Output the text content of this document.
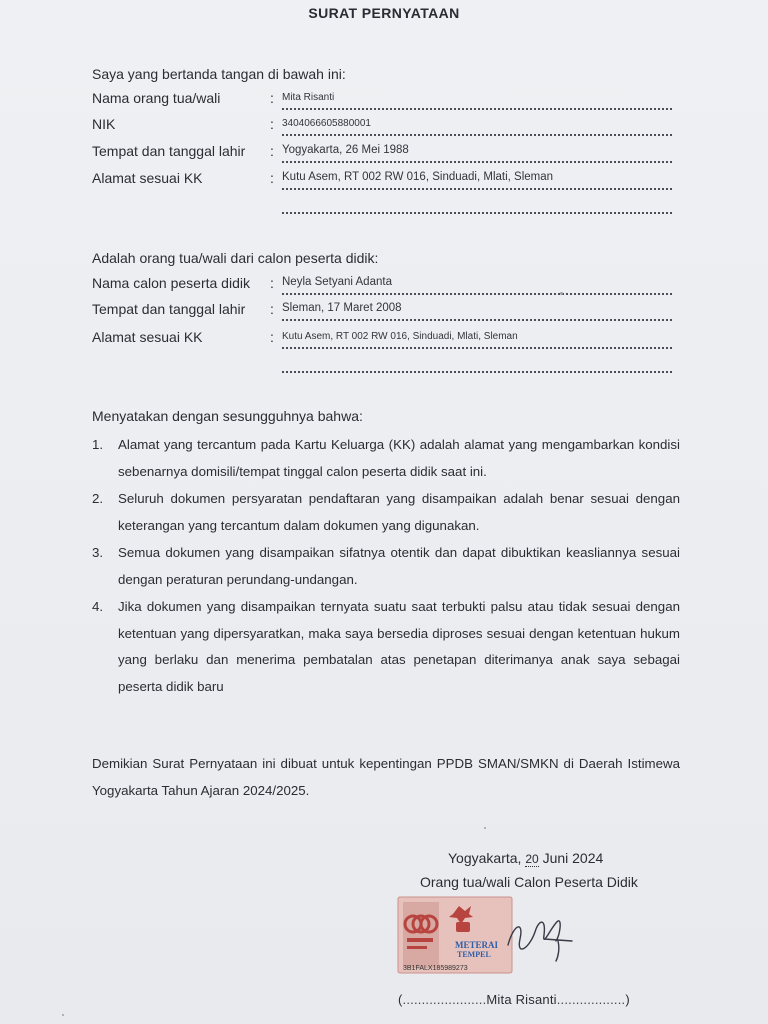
SURAT PERNYATAAN
Saya yang bertanda tangan di bawah ini:
Nama orang tua/wali	: Mita Risanti
NIK	: 3404066605880001
Tempat dan tanggal lahir : Yogyakarta, 26 Mei 1988
Alamat sesuai KK	: Kutu Asem, RT 002 RW 016, Sinduadi, Mlati, Sleman
Adalah orang tua/wali dari calon peserta didik:
Nama calon peserta didik : Neyla Setyani Adanta
Tempat dan tanggal lahir : Sleman, 17 Maret 2008
Alamat sesuai KK	: Kutu Asem, RT 002 RW 016, Sinduadi, Mlati, Sleman
Menyatakan dengan sesungguhnya bahwa:
1. Alamat yang tercantum pada Kartu Keluarga (KK) adalah alamat yang mengambarkan kondisi sebenarnya domisili/tempat tinggal calon peserta didik saat ini.
2. Seluruh dokumen persyaratan pendaftaran yang disampaikan adalah benar sesuai dengan keterangan yang tercantum dalam dokumen yang digunakan.
3. Semua dokumen yang disampaikan sifatnya otentik dan dapat dibuktikan keasliannya sesuai dengan peraturan perundang-undangan.
4. Jika dokumen yang disampaikan ternyata suatu saat terbukti palsu atau tidak sesuai dengan ketentuan yang dipersyaratkan, maka saya bersedia diproses sesuai dengan ketentuan hukum yang berlaku dan menerima pembatalan atas penetapan diterimanya anak saya sebagai peserta didik baru
Demikian Surat Pernyataan ini dibuat untuk kepentingan PPDB SMAN/SMKN di Daerah Istimewa Yogyakarta Tahun Ajaran 2024/2025.
Yogyakarta, 20 Juni 2024
Orang tua/wali Calon Peserta Didik
METERAI
TEMPEL
3B1FALX185989273
(......................Mita Risanti..................)
